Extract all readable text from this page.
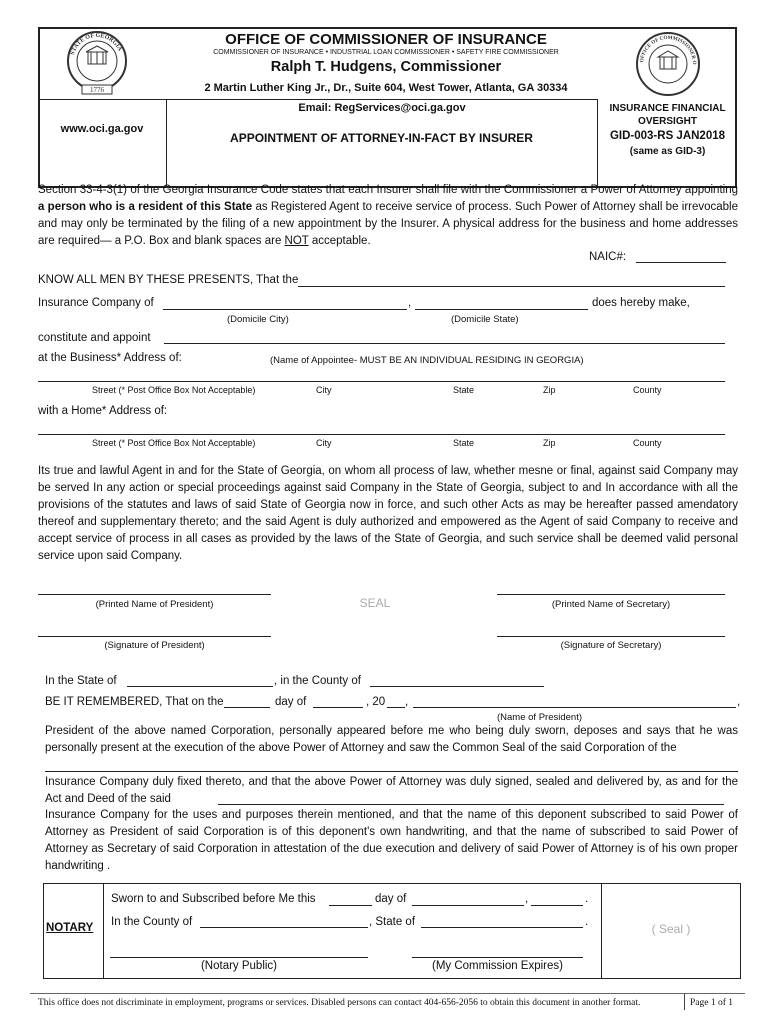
STATE OF GEORGIA
1776
OFFICE OF COMMISSIONER O
OFFICE OF COMMISSIONER OF INSURANCE
COMMISSIONER OF INSURANCE • INDUSTRIAL LOAN COMMISSIONER • SAFETY FIRE COMMISSIONER
Ralph T. Hudgens, Commissioner
2 Martin Luther King Jr., Dr., Suite 604, West Tower, Atlanta, GA 30334
Email: RegServices@oci.ga.gov
www.oci.ga.gov
APPOINTMENT OF ATTORNEY-IN-FACT BY INSURER
INSURANCE FINANCIAL
OVERSIGHT
GID-003-RS JAN2018
(same as GID-3)
Section 33-4-3(1) of the Georgia Insurance Code states that each Insurer shall file with the Commissioner a Power of Attorney appointing a person who is a resident of this State as Registered Agent to receive service of process. Such Power of Attorney shall be irrevocable and may only be terminated by the filing of a new appointment by the Insurer. A physical address for the business and home addresses are required— a P.O. Box and blank spaces are NOT acceptable.
NAIC#:
KNOW ALL MEN BY THESE PRESENTS, That the
Insurance Company of	,	does hereby make,
(Domicile City)	(Domicile State)
constitute and appoint
at the Business* Address of:	(Name of Appointee- MUST BE AN INDIVIDUAL RESIDING IN GEORGIA)
Street (* Post Office Box Not Acceptable)	City	State	Zip	County
with a Home* Address of:
Street (* Post Office Box Not Acceptable)	City	State	Zip	County
Its true and lawful Agent in and for the State of Georgia, on whom all process of law, whether mesne or final, against said Company may be served In any action or special proceedings against said Company in the State of Georgia, subject to and In accordance with all the provisions of the statutes and laws of said State of Georgia now in force, and such other Acts as may be hereafter passed amendatory thereof and supplementary thereto; and the said Agent is duly authorized and empowered as the Agent of said Company to receive and accept service of process in all cases as provided by the laws of the State of Georgia, and such service shall be deemed valid personal service upon said Company.
(Printed Name of President)	SEAL	(Printed Name of Secretary)
(Signature of President)	(Signature of Secretary)
In the State of	, in the County of
BE IT REMEMBERED, That on the	day of	, 20 ,	,
(Name of President)
President of the above named Corporation, personally appeared before me who being duly sworn, deposes and says that he was personally present at the execution of the above Power of Attorney and saw the Common Seal of the said Corporation of the
Insurance Company duly fixed thereto, and that the above Power of Attorney was duly signed, sealed and delivered by, as and for the Act and Deed of the said
Insurance Company for the uses and purposes therein mentioned, and that the name of this deponent subscribed to said Power of Attorney as President of said Corporation is of this deponent's own handwriting, and that the name of subscribed to said Power of Attorney as Secretary of said Corporation in attestation of the due execution and delivery of said Power of Attorney is of his own proper handwriting .
NOTARY
Sworn to and Subscribed before Me this	day of	,	.
In the County of	, State of	.
(Notary Public)	(My Commission Expires)
( Seal )
This office does not discriminate in employment, programs or services. Disabled persons can contact 404-656-2056 to obtain this document in another format.	Page 1 of 1
